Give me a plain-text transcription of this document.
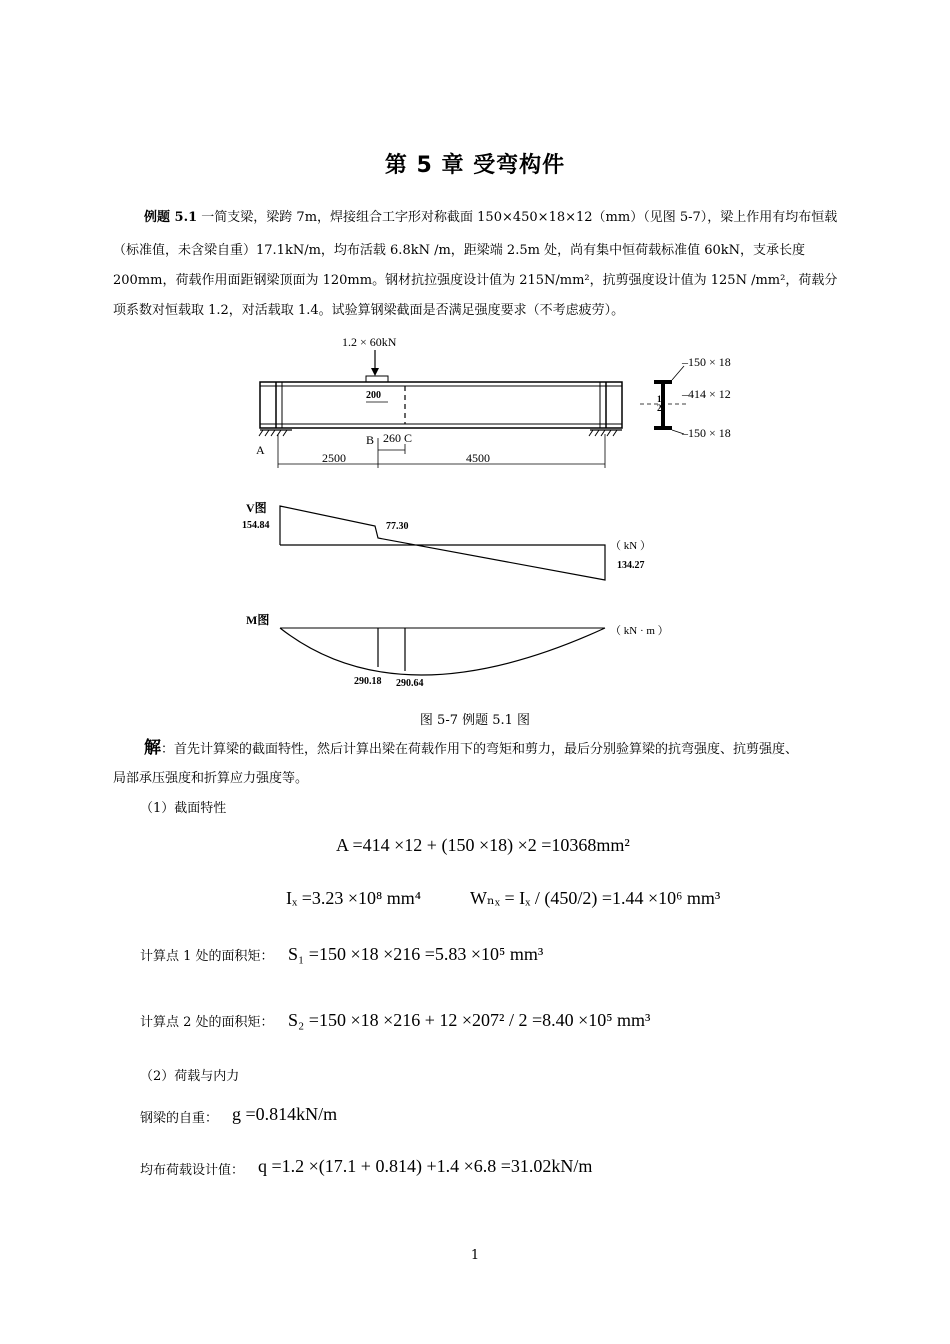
第 5 章 受弯构件
例题 5.1 一简支梁，梁跨 7m，焊接组合工字形对称截面 150×450×18×12（mm）（见图 5-7），梁上作用有均布恒载
（标准值，未含梁自重）17.1kN/m，均布活载 6.8kN /m，距梁端 2.5m 处，尚有集中恒荷载标准值 60kN，支承长度
200mm，荷载作用面距钢梁顶面为 120mm。钢材抗拉强度设计值为 215N/mm²，抗剪强度设计值为 125N /mm²，荷载分
项系数对恒载取 1.2，对活载取 1.4。试验算钢梁截面是否满足强度要求（不考虑疲劳）。
1.2 × 60kN
200
A
B 260 C
2500	4500
1
2
–150 × 18
–414 × 12
–150 × 18
V图
154.84	77.30
（ kN ）
134.27
M图
（ kN · m ）
290.18 290.64
图 5-7 例题 5.1 图
解：首先计算梁的截面特性，然后计算出梁在荷载作用下的弯矩和剪力，最后分别验算梁的抗弯强度、抗剪强度、
局部承压强度和折算应力强度等。
（1）截面特性
A =414 ×12 + (150 ×18) ×2 =10368mm²
Iₓ =3.23 ×10⁸ mm⁴	Wₙₓ = Iₓ / (450/2) =1.44 ×10⁶ mm³
计算点 1 处的面积矩： S₁ =150 ×18 ×216 =5.83 ×10⁵ mm³
计算点 2 处的面积矩： S₂ =150 ×18 ×216 + 12 ×207² / 2 =8.40 ×10⁵ mm³
（2）荷载与内力
钢梁的自重： g =0.814kN/m
均布荷载设计值： q =1.2 ×(17.1 + 0.814) +1.4 ×6.8 =31.02kN/m
1
